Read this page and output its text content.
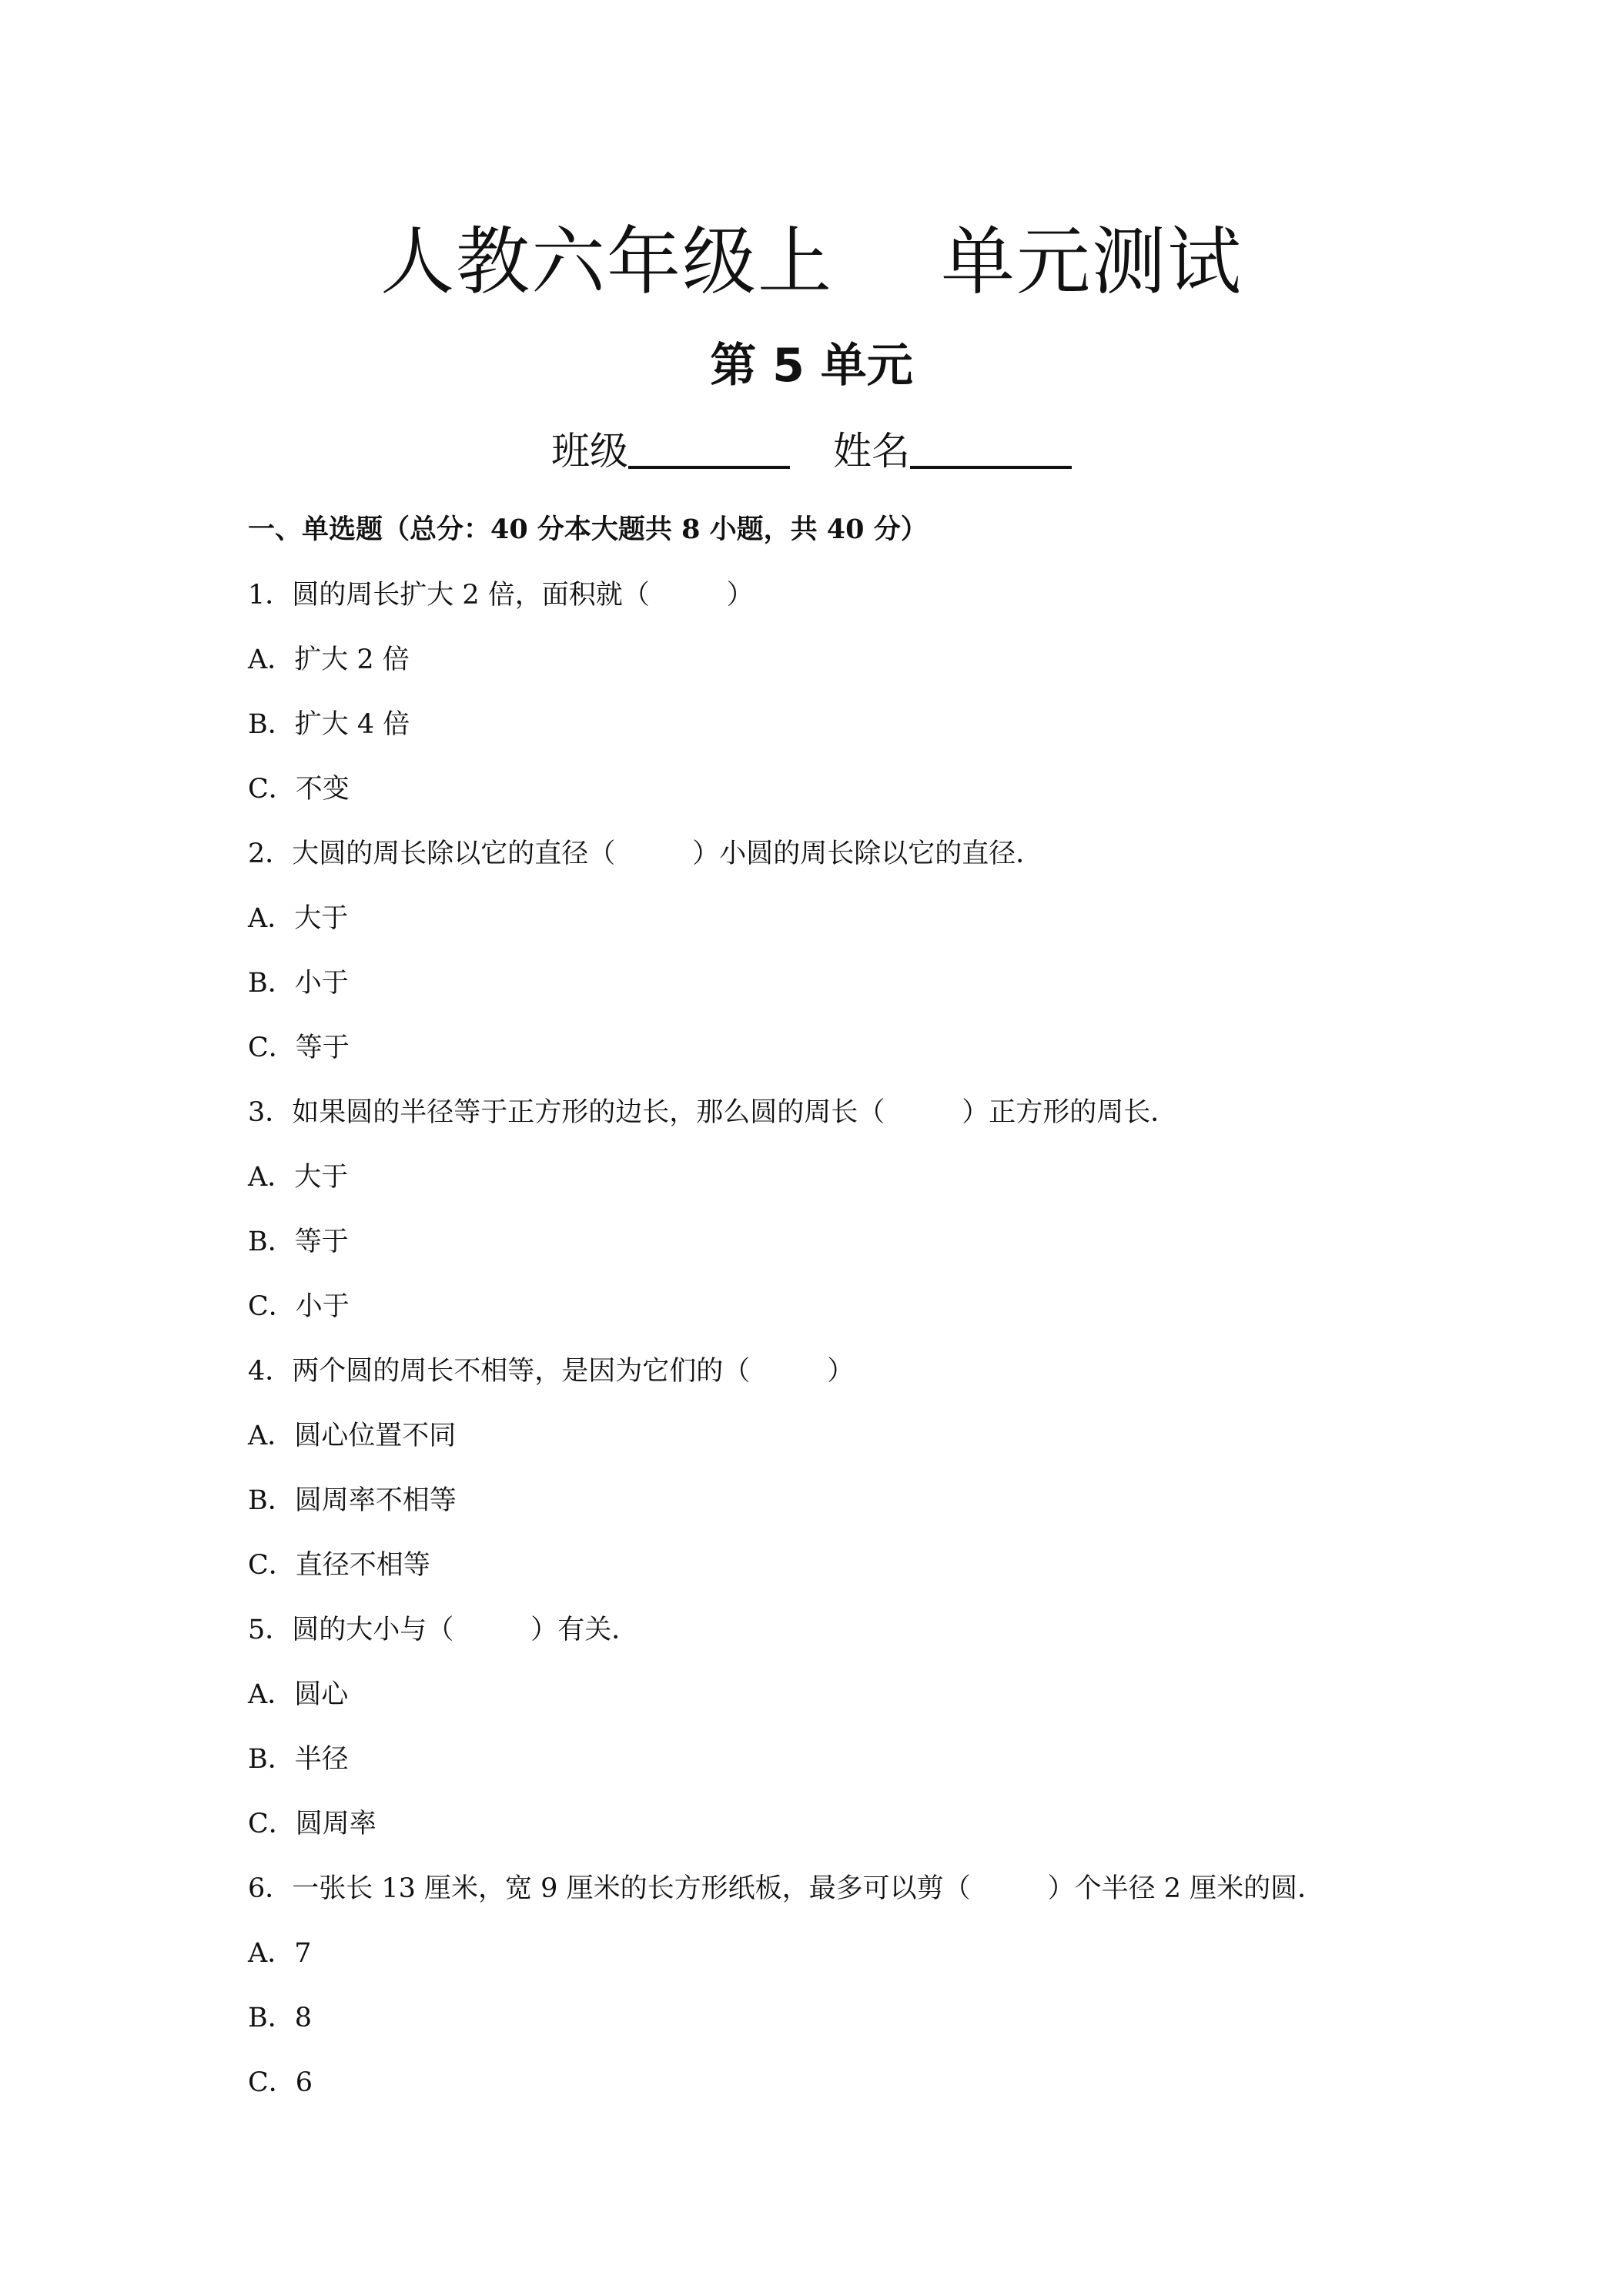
人教六年级上 单元测试
第 5 单元
班级	姓名
一、单选题（总分：40 分本大题共 8 小题，共 40 分）
1．圆的周长扩大 2 倍，面积就（	）
A．扩大 2 倍
B．扩大 4 倍
C．不变
2．大圆的周长除以它的直径（	）小圆的周长除以它的直径．
A．大于
B．小于
C．等于
3．如果圆的半径等于正方形的边长，那么圆的周长（	）正方形的周长．
A．大于
B．等于
C．小于
4．两个圆的周长不相等，是因为它们的（	）
A．圆心位置不同
B．圆周率不相等
C．直径不相等
5．圆的大小与（	）有关．
A．圆心
B．半径
C．圆周率
6．一张长 13 厘米，宽 9 厘米的长方形纸板，最多可以剪（	）个半径 2 厘米的圆．
A．7
B．8
C．6
